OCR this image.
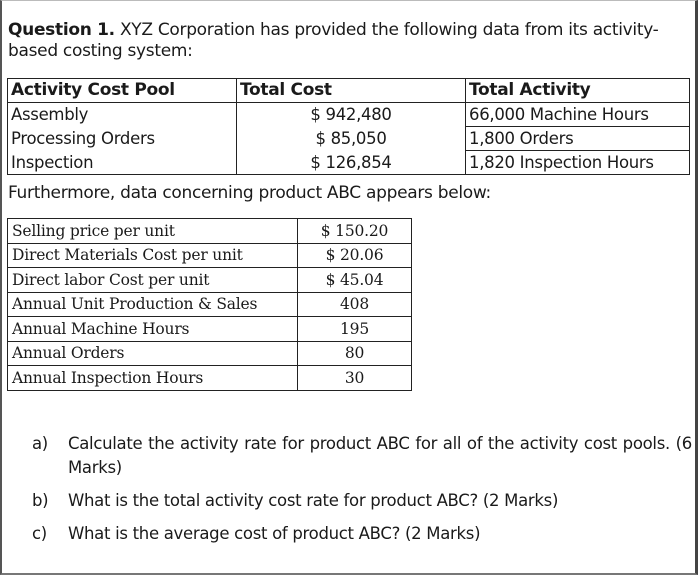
Question 1. XYZ Corporation has provided the following data from its activity-based costing system:
Activity Cost Pool	Total Cost	Total Activity
Assembly	$ 942,480	66,000 Machine Hours
Processing Orders	$ 85,050	1,800 Orders
Inspection	$ 126,854	1,820 Inspection Hours
Furthermore, data concerning product ABC appears below:
Selling price per unit	$ 150.20
Direct Materials Cost per unit	$ 20.06
Direct labor Cost per unit	$ 45.04
Annual Unit Production & Sales	408
Annual Machine Hours	195
Annual Orders	80
Annual Inspection Hours	30
a) Calculate the activity rate for product ABC for all of the activity cost pools. (6 Marks)
b) What is the total activity cost rate for product ABC? (2 Marks)
c) What is the average cost of product ABC? (2 Marks)
